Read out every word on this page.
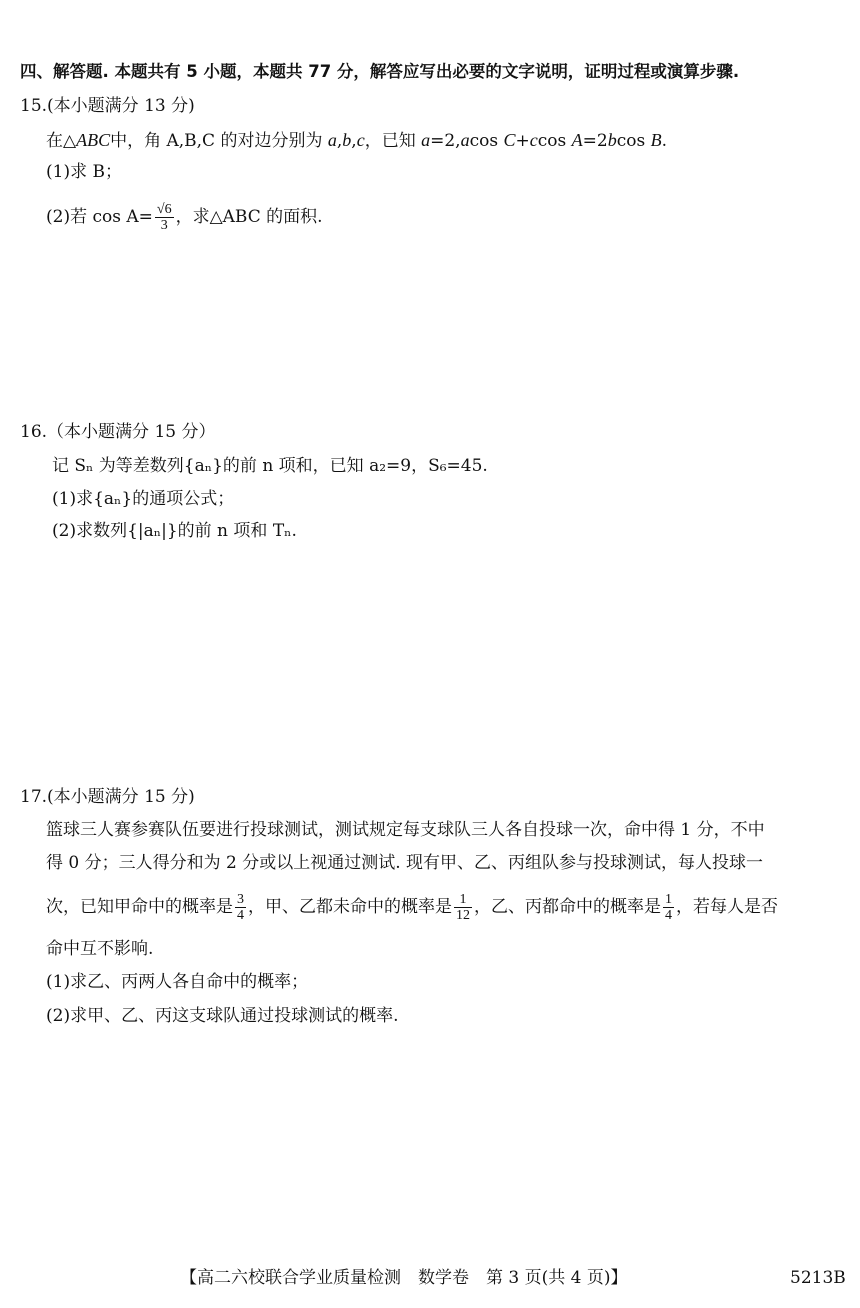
四、解答题. 本题共有 5 小题，本题共 77 分，解答应写出必要的文字说明，证明过程或演算步骤.
15.(本小题满分 13 分)
在△ABC中，角 A,B,C 的对边分别为 a,b,c，已知 a=2,acos C+ccos A=2bcos B.
(1)求 B；
(2)若 $\cos A= \frac{√6}{3}$ ，求△ABC 的面积.
16.（本小题满分 15 分）
记 Sₙ 为等差数列{aₙ}的前 n 项和，已知 a₂=9，S₆=45.
(1)求{aₙ}的通项公式；
(2)求数列{|aₙ|}的前 n 项和 Tₙ.
17.(本小题满分 15 分)
篮球三人赛参赛队伍要进行投球测试，测试规定每支球队三人各自投球一次，命中得 1 分，不中
得 0 分；三人得分和为 2 分或以上视通过测试. 现有甲、乙、丙组队参与投球测试，每人投球一
次，已知甲命中的概率是 $\frac{3}{4}$ ，甲、乙都未命中的概率是 $\frac{1}{12}$ ，乙、丙都命中的概率是 $\frac{1}{4}$ ，若每人是否
命中互不影响.
(1)求乙、丙两人各自命中的概率；
(2)求甲、乙、丙这支球队通过投球测试的概率.
【高二六校联合学业质量检测　数学卷　第 3 页(共 4 页)】	5213B
